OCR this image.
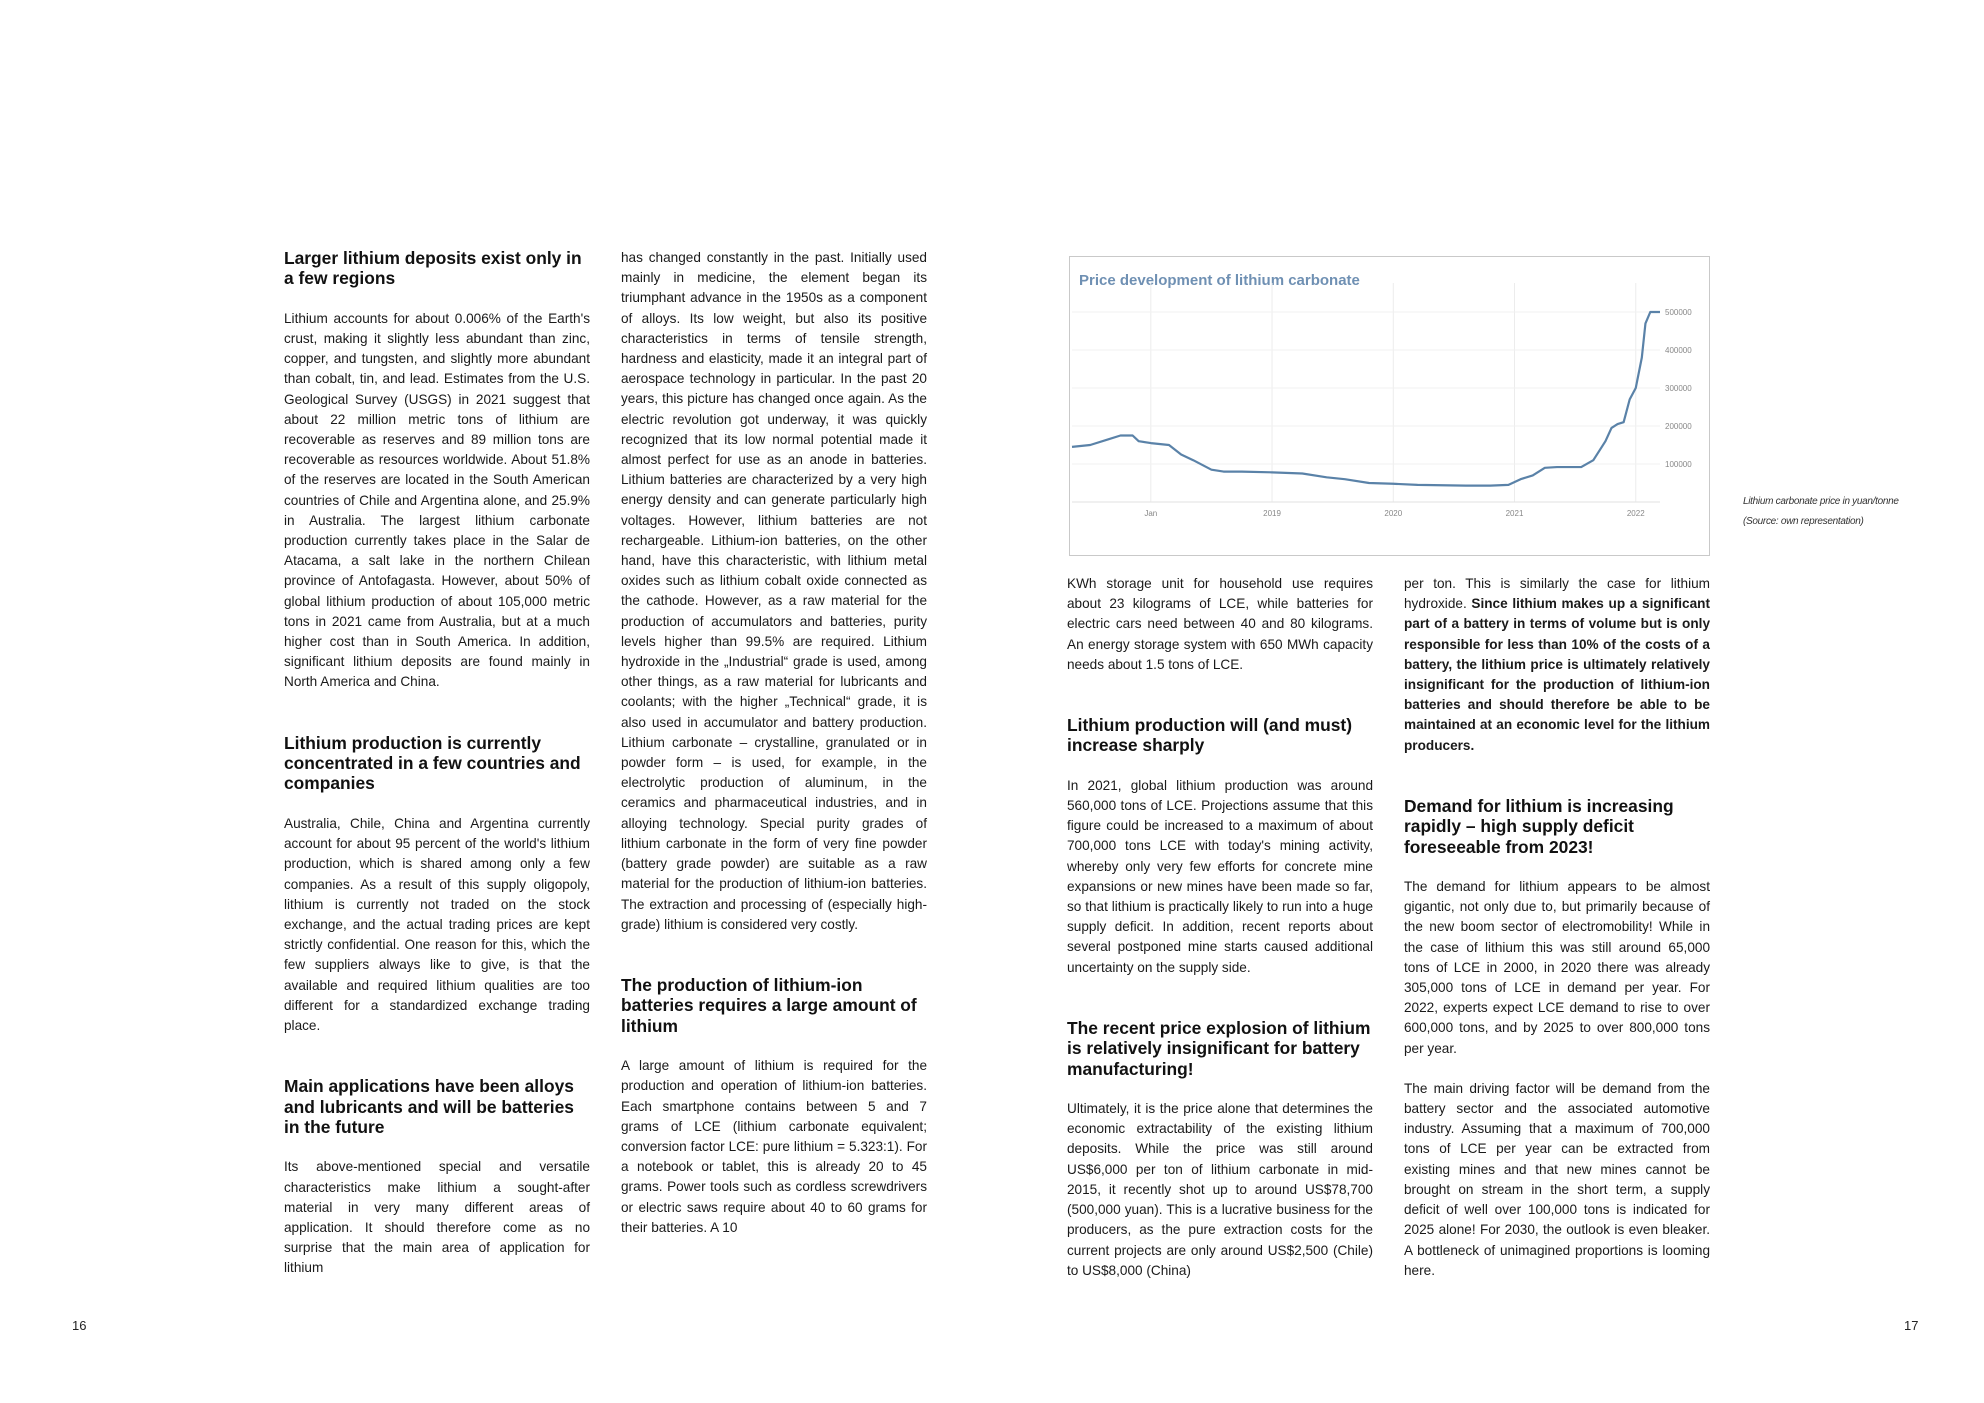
Larger lithium deposits exist only in a few regions

Lithium accounts for about 0.006% of the Earth's crust, making it slightly less abundant than zinc, copper, and tungsten, and slightly more abundant than cobalt, tin, and lead. Estimates from the U.S. Geological Survey (USGS) in 2021 suggest that about 22 million metric tons of lithium are recoverable as reserves and 89 million tons are recoverable as resources worldwide. About 51.8% of the reserves are located in the South American countries of Chile and Argentina alone, and 25.9% in Australia. The largest lithium carbonate production currently takes place in the Salar de Atacama, a salt lake in the northern Chilean province of Antofagasta. However, about 50% of global lithium production of about 105,000 metric tons in 2021 came from Australia, but at a much higher cost than in South America. In addition, significant lithium deposits are found mainly in North America and China.

Lithium production is currently concentrated in a few countries and companies

Australia, Chile, China and Argentina currently account for about 95 percent of the world's lithium production, which is shared among only a few companies. As a result of this supply oligopoly, lithium is currently not traded on the stock exchange, and the actual trading prices are kept strictly confidential. One reason for this, which the few suppliers always like to give, is that the available and required lithium qualities are too different for a standardized exchange trading place.

Main applications have been alloys and lubricants and will be batteries in the future

Its above-mentioned special and versatile characteristics make lithium a sought-after material in very many different areas of application. It should therefore come as no surprise that the main area of application for lithium

has changed constantly in the past. Initially used mainly in medicine, the element began its triumphant advance in the 1950s as a component of alloys. Its low weight, but also its positive characteristics in terms of tensile strength, hardness and elasticity, made it an integral part of aerospace technology in particular. In the past 20 years, this picture has changed once again. As the electric revolution got underway, it was quickly recognized that its low normal potential made it almost perfect for use as an anode in batteries. Lithium batteries are characterized by a very high energy density and can generate particularly high voltages. However, lithium batteries are not rechargeable. Lithium-ion batteries, on the other hand, have this characteristic, with lithium metal oxides such as lithium cobalt oxide connected as the cathode. However, as a raw material for the production of accumulators and batteries, purity levels higher than 99.5% are required. Lithium hydroxide in the „Industrial“ grade is used, among other things, as a raw material for lubricants and coolants; with the higher „Technical“ grade, it is also used in accumulator and battery production. Lithium carbonate – crystalline, granulated or in powder form – is used, for example, in the electrolytic production of aluminum, in the ceramics and pharmaceutical industries, and in alloying technology. Special purity grades of lithium carbonate in the form of very fine powder (battery grade powder) are suitable as a raw material for the production of lithium-ion batteries. The extraction and processing of (especially high-grade) lithium is considered very costly.

The production of lithium-ion batteries requires a large amount of lithium

A large amount of lithium is required for the production and operation of lithium-ion batteries. Each smartphone contains between 5 and 7 grams of LCE (lithium carbonate equivalent; conversion factor LCE: pure lithium = 5.323:1). For a notebook or tablet, this is already 20 to 45 grams. Power tools such as cordless screwdrivers or electric saws require about 40 to 60 grams for their batteries. A 10

Price development of lithium carbonate
Jan	2019	2020	2021	2022
100000
200000
300000
400000
500000
Lithium carbonate price in yuan/tonne
(Source: own representation)

KWh storage unit for household use requires about 23 kilograms of LCE, while batteries for electric cars need between 40 and 80 kilograms. An energy storage system with 650 MWh capacity needs about 1.5 tons of LCE.

Lithium production will (and must) increase sharply

In 2021, global lithium production was around 560,000 tons of LCE. Projections assume that this figure could be increased to a maximum of about 700,000 tons LCE with today's mining activity, whereby only very few efforts for concrete mine expansions or new mines have been made so far, so that lithium is practically likely to run into a huge supply deficit. In addition, recent reports about several postponed mine starts caused additional uncertainty on the supply side.

The recent price explosion of lithium is relatively insignificant for battery manufacturing!

Ultimately, it is the price alone that determines the economic extractability of the existing lithium deposits. While the price was still around US$6,000 per ton of lithium carbonate in mid-2015, it recently shot up to around US$78,700 (500,000 yuan). This is a lucrative business for the producers, as the pure extraction costs for the current projects are only around US$2,500 (Chile) to US$8,000 (China)

per ton. This is similarly the case for lithium hydroxide. Since lithium makes up a significant part of a battery in terms of volume but is only responsible for less than 10% of the costs of a battery, the lithium price is ultimately relatively insignificant for the production of lithium-ion batteries and should therefore be able to be maintained at an economic level for the lithium producers.

Demand for lithium is increasing rapidly – high supply deficit foreseeable from 2023!

The demand for lithium appears to be almost gigantic, not only due to, but primarily because of the new boom sector of electromobility! While in the case of lithium this was still around 65,000 tons of LCE in 2000, in 2020 there was already 305,000 tons of LCE in demand per year. For 2022, experts expect LCE demand to rise to over 600,000 tons, and by 2025 to over 800,000 tons per year.

The main driving factor will be demand from the battery sector and the associated automotive industry. Assuming that a maximum of 700,000 tons of LCE per year can be extracted from existing mines and that new mines cannot be brought on stream in the short term, a supply deficit of well over 100,000 tons is indicated for 2025 alone! For 2030, the outlook is even bleaker. A bottleneck of unimagined proportions is looming here.

16	17
